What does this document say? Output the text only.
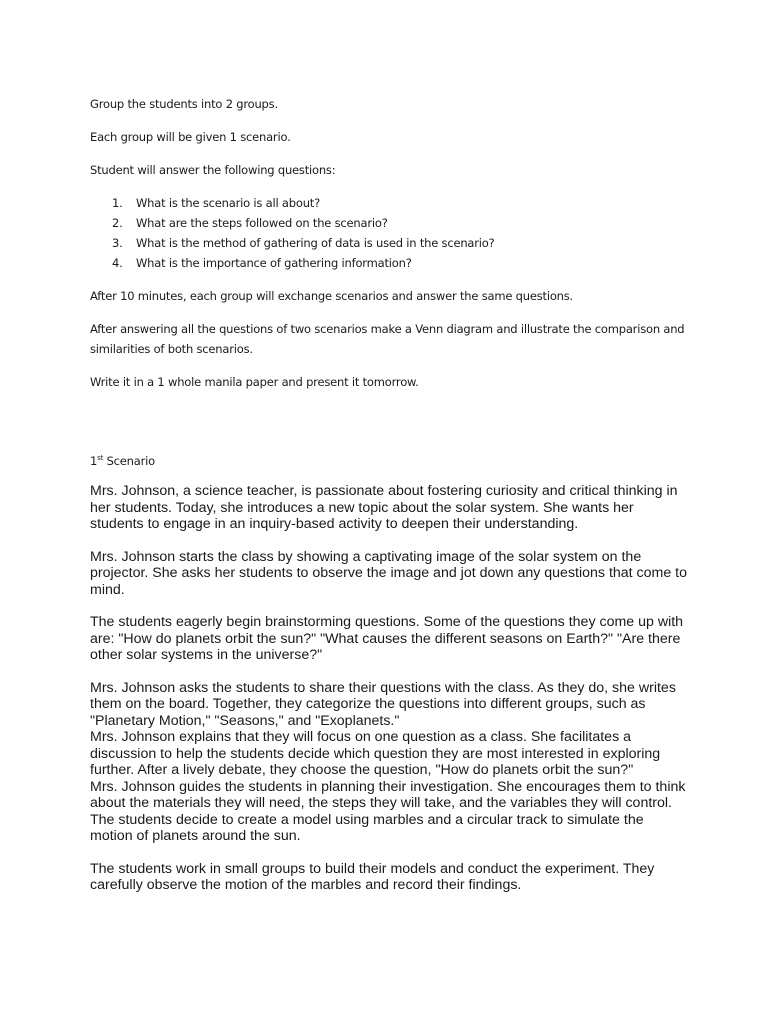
Group the students into 2 groups.

Each group will be given 1 scenario.

Student will answer the following questions:

1. What is the scenario is all about?
2. What are the steps followed on the scenario?
3. What is the method of gathering of data is used in the scenario?
4. What is the importance of gathering information?

After 10 minutes, each group will exchange scenarios and answer the same questions.

After answering all the questions of two scenarios make a Venn diagram and illustrate the comparison and similarities of both scenarios.

Write it in a 1 whole manila paper and present it tomorrow.

1st Scenario

Mrs. Johnson, a science teacher, is passionate about fostering curiosity and critical thinking in her students. Today, she introduces a new topic about the solar system. She wants her students to engage in an inquiry-based activity to deepen their understanding.

Mrs. Johnson starts the class by showing a captivating image of the solar system on the projector. She asks her students to observe the image and jot down any questions that come to mind.

The students eagerly begin brainstorming questions. Some of the questions they come up with are: "How do planets orbit the sun?" "What causes the different seasons on Earth?" "Are there other solar systems in the universe?"

Mrs. Johnson asks the students to share their questions with the class. As they do, she writes them on the board. Together, they categorize the questions into different groups, such as "Planetary Motion," "Seasons," and "Exoplanets."
Mrs. Johnson explains that they will focus on one question as a class. She facilitates a discussion to help the students decide which question they are most interested in exploring further. After a lively debate, they choose the question, "How do planets orbit the sun?"
Mrs. Johnson guides the students in planning their investigation. She encourages them to think about the materials they will need, the steps they will take, and the variables they will control. The students decide to create a model using marbles and a circular track to simulate the motion of planets around the sun.

The students work in small groups to build their models and conduct the experiment. They carefully observe the motion of the marbles and record their findings.
